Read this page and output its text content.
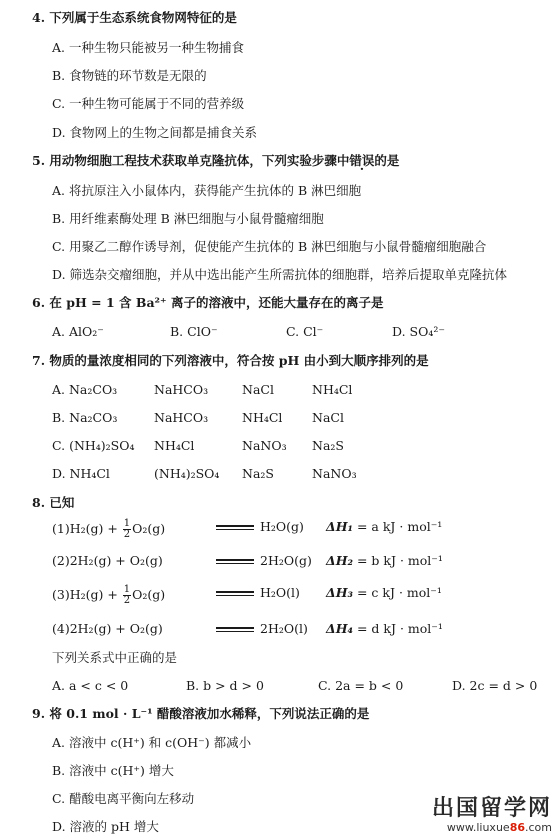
4. 下列属于生态系统食物网特征的是
A. 一种生物只能被另一种生物捕食
B. 食物链的环节数是无限的
C. 一种生物可能属于不同的营养级
D. 食物网上的生物之间都是捕食关系
5. 用动物细胞工程技术获取单克隆抗体，下列实验步骤中错误的是
A. 将抗原注入小鼠体内，获得能产生抗体的 B 淋巴细胞
B. 用纤维素酶处理 B 淋巴细胞与小鼠骨髓瘤细胞
C. 用聚乙二醇作诱导剂，促使能产生抗体的 B 淋巴细胞与小鼠骨髓瘤细胞融合
D. 筛选杂交瘤细胞，并从中选出能产生所需抗体的细胞群，培养后提取单克隆抗体
6. 在 pH = 1 含 Ba²⁺ 离子的溶液中，还能大量存在的离子是
A. AlO₂⁻	B. ClO⁻	C. Cl⁻	D. SO₄²⁻
7. 物质的量浓度相同的下列溶液中，符合按 pH 由小到大顺序排列的是
A. Na₂CO₃	NaHCO₃	NaCl	NH₄Cl
B. Na₂CO₃	NaHCO₃	NH₄Cl NaCl
C. (NH₄)₂SO₄ NH₄Cl	NaNO₃ Na₂S
D. NH₄Cl	(NH₄)₂SO₄ Na₂S	NaNO₃
8. 已知
$(1)H_2(g) + \frac{1}{2} O_2(g)$	H₂O(g) ΔH₁ = a kJ · mol⁻¹
(2)2H₂(g) + O₂(g)	2H₂O(g) ΔH₂ = b kJ · mol⁻¹
$(3)H_2(g) + \frac{1}{2} O_2(g)$	H₂O(l) ΔH₃ = c kJ · mol⁻¹
(4)2H₂(g) + O₂(g)	2H₂O(l) ΔH₄ = d kJ · mol⁻¹
下列关系式中正确的是
A. a < c < 0	B. b > d > 0	C. 2a = b < 0	D. 2c = d > 0
9. 将 0.1 mol · L⁻¹ 醋酸溶液加水稀释，下列说法正确的是
A. 溶液中 c(H⁺) 和 c(OH⁻) 都减小
B. 溶液中 c(H⁺) 增大
C. 醋酸电离平衡向左移动
D. 溶液的 pH 增大
出国留学网
www.liuxue86.com
